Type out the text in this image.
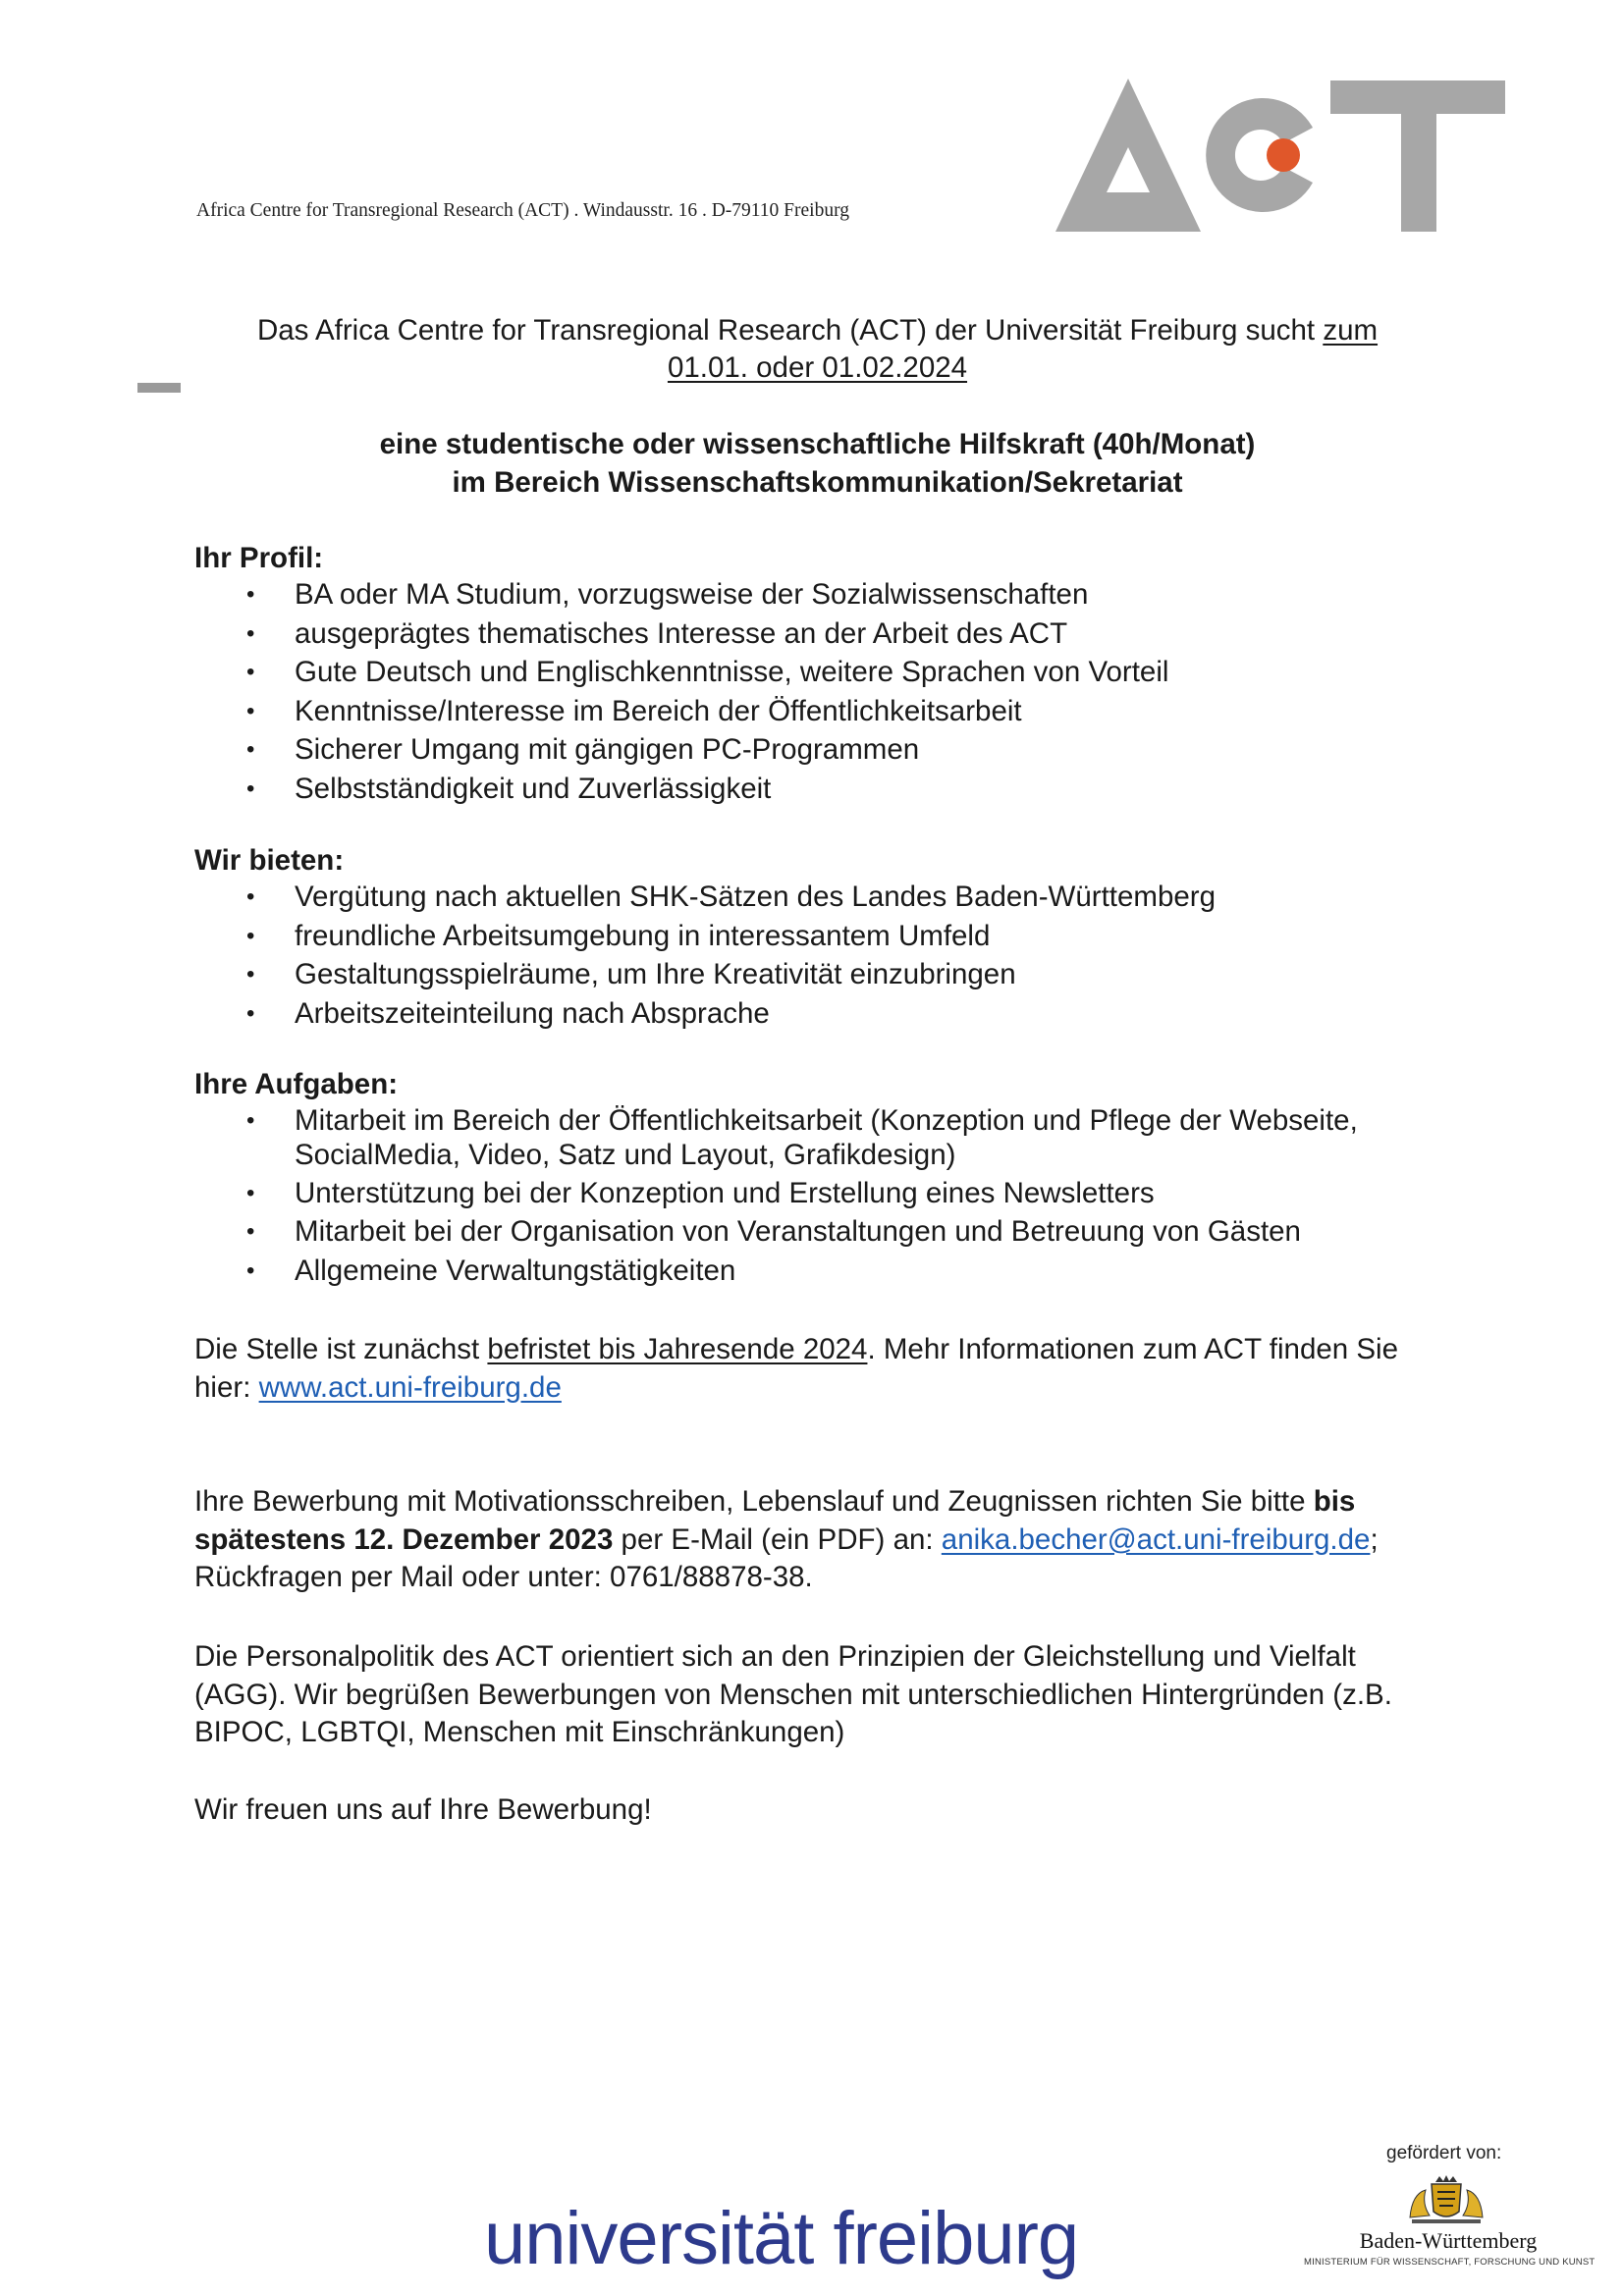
Africa Centre for Transregional Research (ACT) . Windausstr. 16 . D-79110 Freiburg
Das Africa Centre for Transregional Research (ACT) der Universität Freiburg sucht zum
01.01. oder 01.02.2024
eine studentische oder wissenschaftliche Hilfskraft (40h/Monat)
im Bereich Wissenschaftskommunikation/Sekretariat
Ihr Profil:
• BA oder MA Studium, vorzugsweise der Sozialwissenschaften
• ausgeprägtes thematisches Interesse an der Arbeit des ACT
• Gute Deutsch und Englischkenntnisse, weitere Sprachen von Vorteil
• Kenntnisse/Interesse im Bereich der Öffentlichkeitsarbeit
• Sicherer Umgang mit gängigen PC-Programmen
• Selbstständigkeit und Zuverlässigkeit
Wir bieten:
• Vergütung nach aktuellen SHK-Sätzen des Landes Baden-Württemberg
• freundliche Arbeitsumgebung in interessantem Umfeld
• Gestaltungsspielräume, um Ihre Kreativität einzubringen
• Arbeitszeiteinteilung nach Absprache
Ihre Aufgaben:
• Mitarbeit im Bereich der Öffentlichkeitsarbeit (Konzeption und Pflege der Webseite, SocialMedia, Video, Satz und Layout, Grafikdesign)
• Unterstützung bei der Konzeption und Erstellung eines Newsletters
• Mitarbeit bei der Organisation von Veranstaltungen und Betreuung von Gästen
• Allgemeine Verwaltungstätigkeiten
Die Stelle ist zunächst befristet bis Jahresende 2024. Mehr Informationen zum ACT finden Sie hier: www.act.uni-freiburg.de
Ihre Bewerbung mit Motivationsschreiben, Lebenslauf und Zeugnissen richten Sie bitte bis spätestens 12. Dezember 2023 per E-Mail (ein PDF) an: anika.becher@act.uni-freiburg.de; Rückfragen per Mail oder unter: 0761/88878-38.
Die Personalpolitik des ACT orientiert sich an den Prinzipien der Gleichstellung und Vielfalt (AGG). Wir begrüßen Bewerbungen von Menschen mit unterschiedlichen Hintergründen (z.B. BIPOC, LGBTQI, Menschen mit Einschränkungen)
Wir freuen uns auf Ihre Bewerbung!
universität freiburg
gefördert von:
Baden-Württemberg
MINISTERIUM FÜR WISSENSCHAFT, FORSCHUNG UND KUNST
